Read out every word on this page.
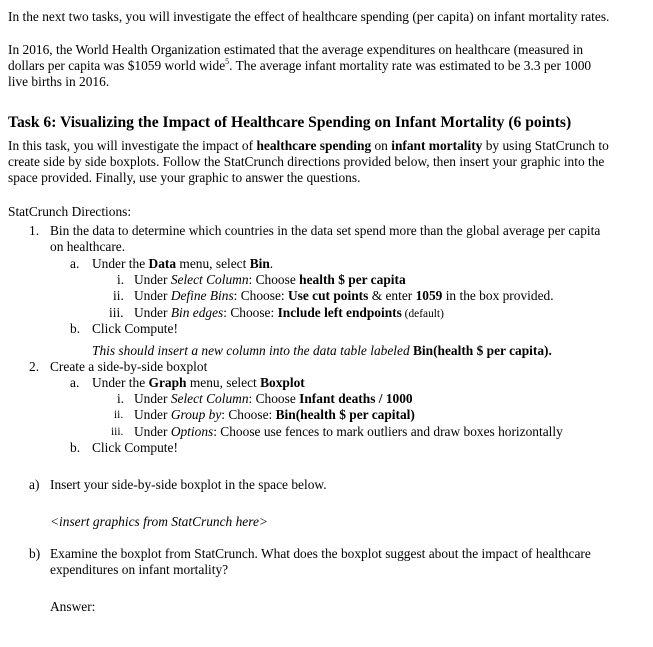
In the next two tasks, you will investigate the effect of healthcare spending (per capita) on infant mortality rates.
In 2016, the World Health Organization estimated that the average expenditures on healthcare (measured in
dollars per capita was $1059 world wide$^5$. The average infant mortality rate was estimated to be 3.3 per 1000
live births in 2016.
Task 6: Visualizing the Impact of Healthcare Spending on Infant Mortality (6 points)
In this task, you will investigate the impact of healthcare spending on infant mortality by using StatCrunch to
create side by side boxplots. Follow the StatCrunch directions provided below, then insert your graphic into the
space provided. Finally, use your graphic to answer the questions.
StatCrunch Directions:
1. Bin the data to determine which countries in the data set spend more than the global average per capita
on healthcare.
a. Under the Data menu, select Bin.
i. Under Select Column: Choose health $ per capita
ii. Under Define Bins: Choose: Use cut points & enter 1059 in the box provided.
iii. Under Bin edges: Choose: Include left endpoints (default)
b. Click Compute!
This should insert a new column into the data table labeled Bin(health $ per capita).
2. Create a side-by-side boxplot
a. Under the Graph menu, select Boxplot
i. Under Select Column: Choose Infant deaths / 1000
ii. Under Group by: Choose: Bin(health $ per capital)
iii. Under Options: Choose use fences to mark outliers and draw boxes horizontally
b. Click Compute!
a) Insert your side-by-side boxplot in the space below.
<insert graphics from StatCrunch here>
b) Examine the boxplot from StatCrunch. What does the boxplot suggest about the impact of healthcare
expenditures on infant mortality?
Answer:
